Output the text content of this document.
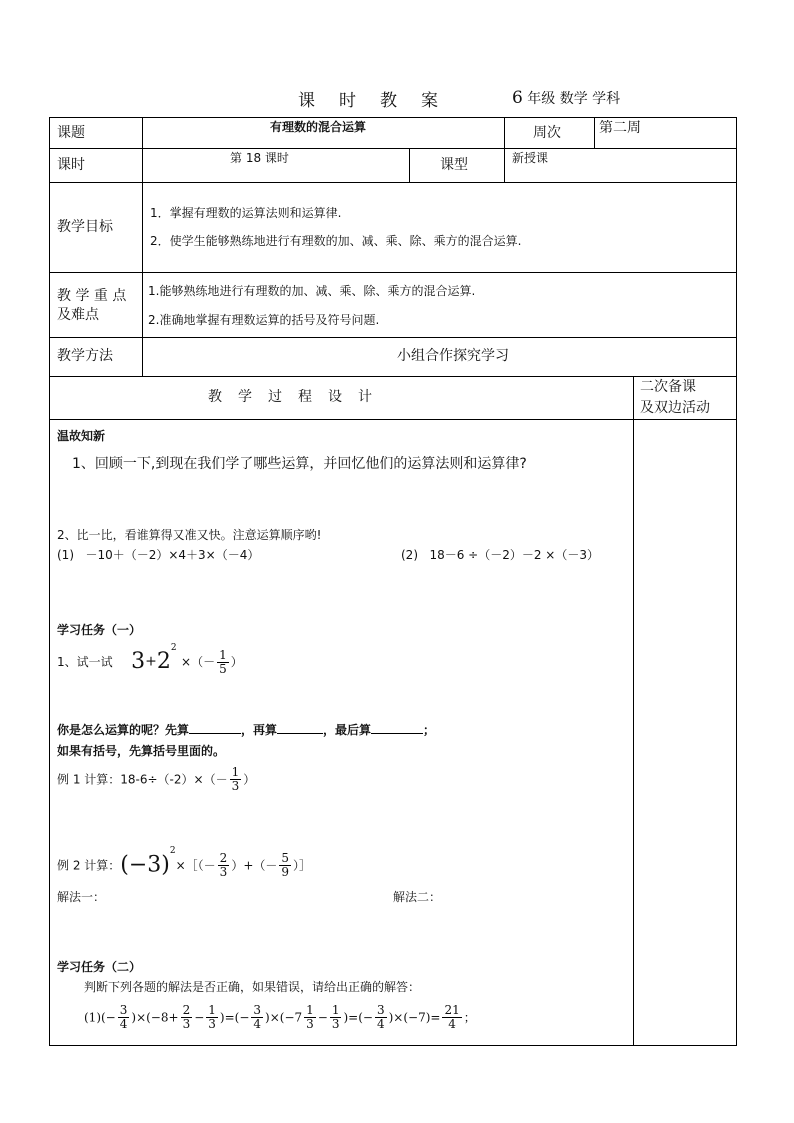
课 时 教 案	6 年级 数学 学科
课题	有理数的混合运算	周次	第二周
课时	第 18 课时	课型	新授课
教学目标
1．掌握有理数的运算法则和运算律.
2．使学生能够熟练地进行有理数的加、减、乘、除、乘方的混合运算.
教 学 重 点
及难点
1.能够熟练地进行有理数的加、减、乘、除、乘方的混合运算.
2.准确地掌握有理数运算的括号及符号问题.
教学方法	小组合作探究学习
教　学　过　程　设　计
二次备课
及双边活动
温故知新
1、回顾一下,到现在我们学了哪些运算，并回忆他们的运算法则和运算律?
2、比一比，看谁算得又准又快。注意运算顺序哟!
(1) －10＋（－2）×4＋3×（－4）	(2) 18－6 ÷（－2）－2 ×（－3）
学习任务（一）
1、试一试 $3+2^2$ ×（－ $\frac{1}{5}$ ）
你是怎么运算的呢？先算	，再算	，最后算	；
如果有括号，先算括号里面的。
例 1 计算：$18-6\div(-2)\times(- \frac{1}{3}$ ）
例 2 计算：$(-3)^2\times[(- \frac{2}{3}$ ）+（－ $\frac{5}{9}$ ）］
解法一：	解法二：
学习任务（二）
判断下列各题的解法是否正确，如果错误，请给出正确的解答：
$(1)(- \frac{3}{4} )\times(-8+ \frac{2}{3} - \frac{1}{3}$ )=(− $\frac{3}{4} )\times(-7 \frac{1}{3} - \frac{1}{3}$ )=(− $\frac{3}{4} )\times(-7)= \frac{21}{4}$ ；
